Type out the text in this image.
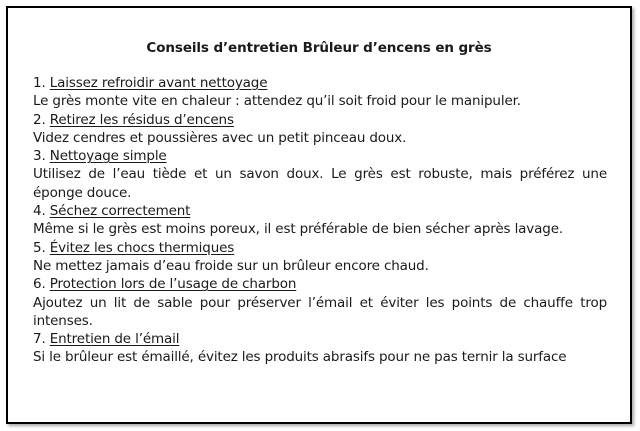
Conseils d’entretien Brûleur d’encens en grès

1. Laissez refroidir avant nettoyage

Le grès monte vite en chaleur : attendez qu’il soit froid pour le manipuler.

2. Retirez les résidus d’encens

Videz cendres et poussières avec un petit pinceau doux.

3. Nettoyage simple

Utilisez de l’eau tiède et un savon doux. Le grès est robuste, mais préférez une éponge douce.

4. Séchez correctement

Même si le grès est moins poreux, il est préférable de bien sécher après lavage.

5. Évitez les chocs thermiques

Ne mettez jamais d’eau froide sur un brûleur encore chaud.

6. Protection lors de l’usage de charbon

Ajoutez un lit de sable pour préserver l’émail et éviter les points de chauffe trop intenses.

7. Entretien de l’émail

Si le brûleur est émaillé, évitez les produits abrasifs pour ne pas ternir la surface
